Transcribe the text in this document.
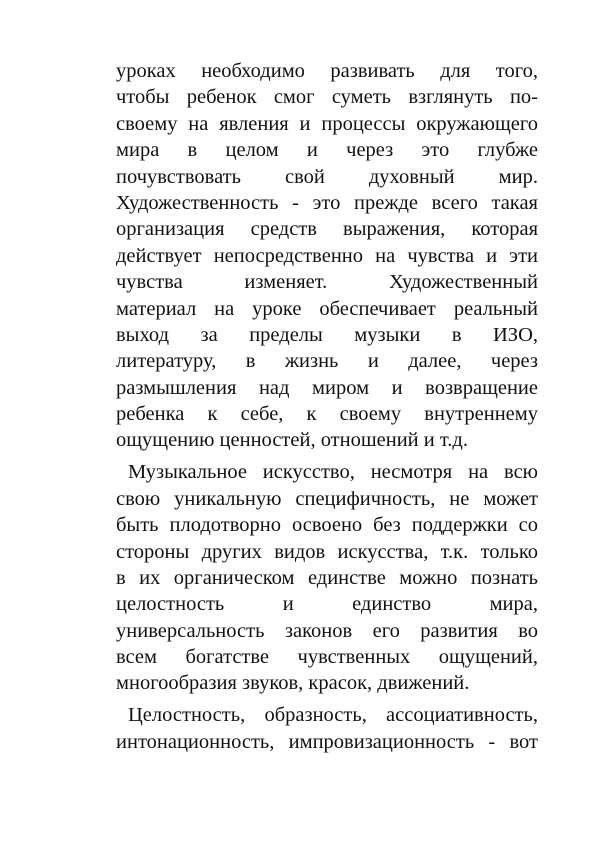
уроках необходимо развивать для того,
чтобы ребенок смог суметь взглянуть по-
своему на явления и процессы окружающего
мира в целом и через это глубже
почувствовать свой духовный мир.
Художественность - это прежде всего такая
организация средств выражения, которая
действует непосредственно на чувства и эти
чувства изменяет. Художественный
материал на уроке обеспечивает реальный
выход за пределы музыки в ИЗО,
литературу, в жизнь и далее, через
размышления над миром и возвращение
ребенка к себе, к своему внутреннему
ощущению ценностей, отношений и т.д.
Музыкальное искусство, несмотря на всю
свою уникальную специфичность, не может
быть плодотворно освоено без поддержки со
стороны других видов искусства, т.к. только
в их органическом единстве можно познать
целостность и единство мира,
универсальность законов его развития во
всем богатстве чувственных ощущений,
многообразия звуков, красок, движений.
Целостность, образность, ассоциативность,
интонационность, импровизационность - вот
